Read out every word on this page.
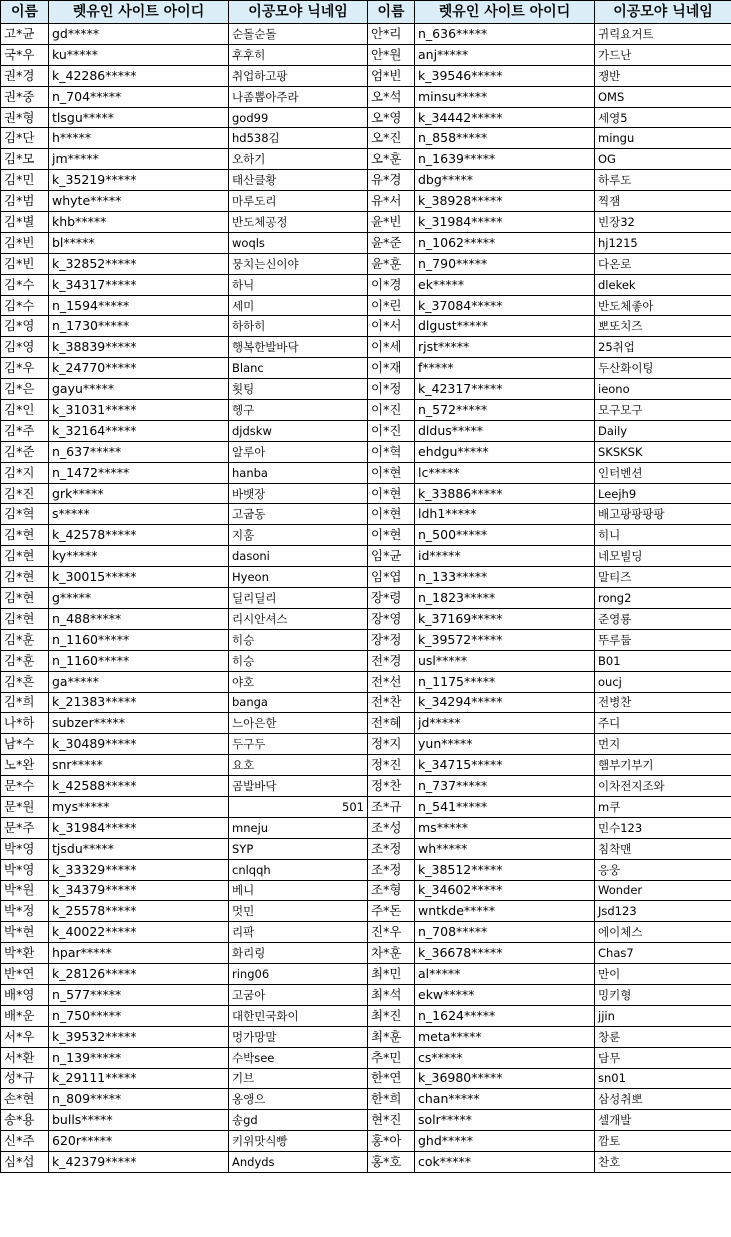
이름	렛유인 사이트 아이디	이공모야 닉네임	이름	렛유인 사이트 아이디	이공모야 닉네임
고*균	gd*****	순돌순돌	안*리	n_636*****	귀릭요거트
국*우	ku*****	후후히	안*원	anj*****	가드난
권*경	k_42286*****	취업하고팡	엄*빈	k_39546*****	쟁반
권*중	n_704*****	나좀뽑아주라	오*석	minsu*****	OMS
권*형	tlsgu*****	god99	오*영	k_34442*****	세영5
김*단	h*****	hd538김	오*진	n_858*****	mingu
김*모	jm*****	오하기	오*훈	n_1639*****	OG
김*민	k_35219*****	태산클황	유*경	dbg*****	하루도
김*범	whyte*****	마루도리	유*서	k_38928*****	찍잼
김*별	khb*****	반도체공정	윤*빈	k_31984*****	빈장32
김*빈	bl*****	woqls	윤*준	n_1062*****	hj1215
김*빈	k_32852*****	뭉치는신이야	윤*훈	n_790*****	다온로
김*수	k_34317*****	하닉	이*경	ek*****	dlekek
김*수	n_1594*****	세미	이*린	k_37084*****	반도체좋아
김*영	n_1730*****	하하히	이*서	dlgust*****	뽀또치즈
김*영	k_38839*****	행복한발바닥	이*세	rjst*****	25취업
김*우	k_24770*****	Blanc	이*재	f*****	두산화이팅
김*은	gayu*****	횟팅	이*정	k_42317*****	ieono
김*인	k_31031*****	헹구	이*진	n_572*****	모구모구
김*주	k_32164*****	djdskw	이*진	dldus*****	Daily
김*준	n_637*****	알루아	이*혁	ehdgu*****	SKSKSK
김*지	n_1472*****	hanba	이*현	lc*****	인터벤션
김*진	grk*****	바뱃장	이*현	k_33886*****	Leejh9
김*혁	s*****	고굽동	이*현	ldh1*****	배고팡팡팡팡
김*현	k_42578*****	지훔	이*현	n_500*****	히니
김*현	ky*****	dasoni	임*균	id*****	네모빌딩
김*현	k_30015*****	Hyeon	임*엽	n_133*****	말티즈
김*현	g*****	딜리딜리	장*령	n_1823*****	rong2
김*현	n_488*****	리시안셔스	장*영	k_37169*****	준영룡
김*훈	n_1160*****	히승	장*정	k_39572*****	뚜루둡
김*훈	n_1160*****	히승	전*경	usl*****	B01
김*흔	ga*****	야호	전*선	n_1175*****	oucj
김*희	k_21383*****	banga	전*찬	k_34294*****	전병찬
나*하	subzer*****	느아은한	전*혜	jd*****	주디
남*수	k_30489*****	두구두	정*지	yun*****	먼지
노*완	snr*****	요호	정*진	k_34715*****	햄부기부기
문*수	k_42588*****	곰발바닥	정*찬	n_737*****	이차전지조와
문*원	mys*****	501	조*규	n_541*****	m쿠
문*주	k_31984*****	mneju	조*성	ms*****	민수123
박*영	tjsdu*****	SYP	조*정	wh*****	침착맨
박*영	k_33329*****	cnlqqh	조*정	k_38512*****	응웅
박*원	k_34379*****	베니	조*형	k_34602*****	Wonder
박*정	k_25578*****	멋민	주*돈	wntkde*****	Jsd123
박*현	k_40022*****	리팍	진*우	n_708*****	에이체스
박*환	hpar*****	화리링	차*훈	k_36678*****	Chas7
반*연	k_28126*****	ring06	최*민	al*****	만이
배*영	n_577*****	고굼아	최*석	ekw*****	밍키형
배*운	n_750*****	대한민국화이	최*진	n_1624*****	jjin
서*우	k_39532*****	멍가망말	최*훈	meta*****	창룬
서*환	n_139*****	수박see	추*민	cs*****	담무
성*규	k_29111*****	기브	한*연	k_36980*****	sn01
손*현	n_809*****	옹앵으	한*희	chan*****	삼성취뽀
송*용	bulls*****	송gd	현*진	solr*****	셀개발
신*주	620r*****	키위맛식빵	홍*아	ghd*****	깜토
심*섭	k_42379*****	Andyds	홍*호	cok*****	찬호
